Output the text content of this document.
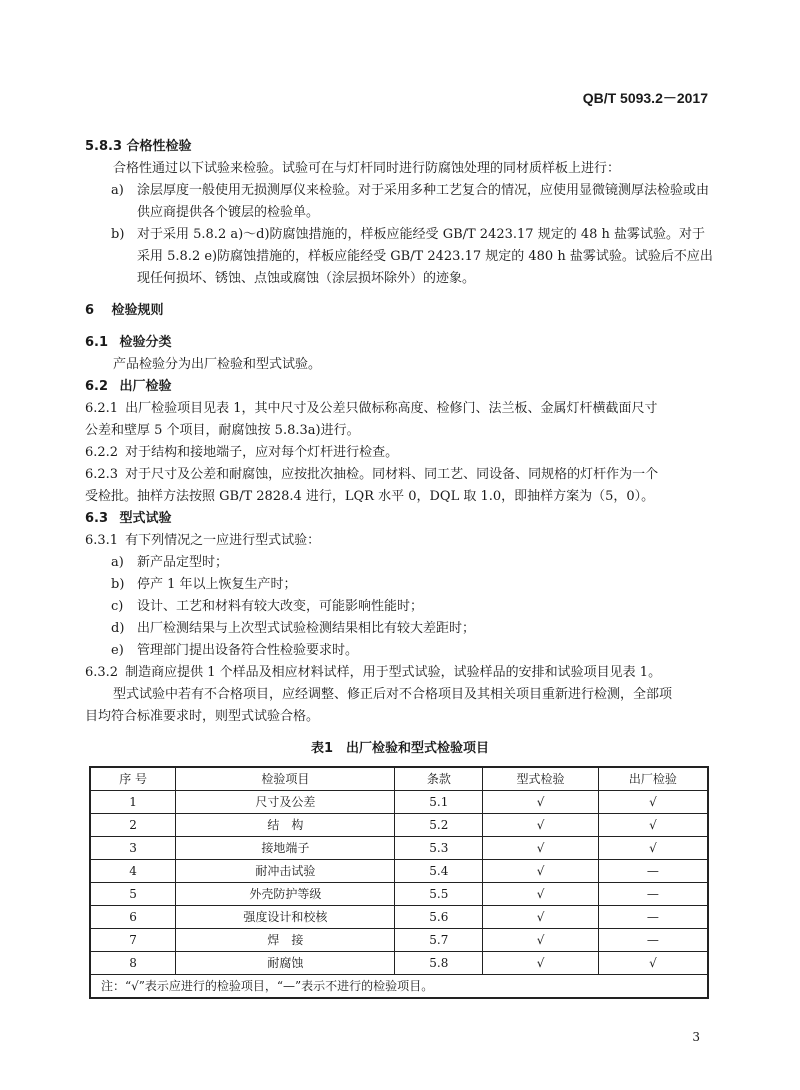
QB/T 5093.2－2017
5.8.3 合格性检验
合格性通过以下试验来检验。试验可在与灯杆同时进行防腐蚀处理的同材质样板上进行：
a) 涂层厚度一般使用无损测厚仪来检验。对于采用多种工艺复合的情况，应使用显微镜测厚法检验或由供应商提供各个镀层的检验单。
b) 对于采用 5.8.2 a)～d)防腐蚀措施的，样板应能经受 GB/T 2423.17 规定的 48 h 盐雾试验。对于采用 5.8.2 e)防腐蚀措施的，样板应能经受 GB/T 2423.17 规定的 480 h 盐雾试验。试验后不应出现任何损坏、锈蚀、点蚀或腐蚀（涂层损坏除外）的迹象。
6 检验规则
6.1 检验分类
产品检验分为出厂检验和型式试验。
6.2 出厂检验
6.2.1 出厂检验项目见表 1，其中尺寸及公差只做标称高度、检修门、法兰板、金属灯杆横截面尺寸
公差和壁厚 5 个项目，耐腐蚀按 5.8.3a)进行。
6.2.2 对于结构和接地端子，应对每个灯杆进行检查。
6.2.3 对于尺寸及公差和耐腐蚀，应按批次抽检。同材料、同工艺、同设备、同规格的灯杆作为一个
受检批。抽样方法按照 GB/T 2828.4 进行，LQR 水平 0，DQL 取 1.0，即抽样方案为（5，0）。
6.3 型式试验
6.3.1 有下列情况之一应进行型式试验：
a) 新产品定型时；
b) 停产 1 年以上恢复生产时；
c) 设计、工艺和材料有较大改变，可能影响性能时；
d) 出厂检测结果与上次型式试验检测结果相比有较大差距时；
e) 管理部门提出设备符合性检验要求时。
6.3.2 制造商应提供 1 个样品及相应材料试样，用于型式试验，试验样品的安排和试验项目见表 1。
型式试验中若有不合格项目，应经调整、修正后对不合格项目及其相关项目重新进行检测，全部项
目均符合标准要求时，则型式试验合格。
表1　出厂检验和型式检验项目
序 号	检验项目	条款	型式检验	出厂检验
1	尺寸及公差	5.1	√	√
2	结　构	5.2	√	√
3	接地端子	5.3	√	√
4	耐冲击试验	5.4	√	—
5	外壳防护等级	5.5	√	—
6	强度设计和校核	5.6	√	—
7	焊　接	5.7	√	—
8	耐腐蚀	5.8	√	√
注：“√”表示应进行的检验项目，“—”表示不进行的检验项目。				
3
